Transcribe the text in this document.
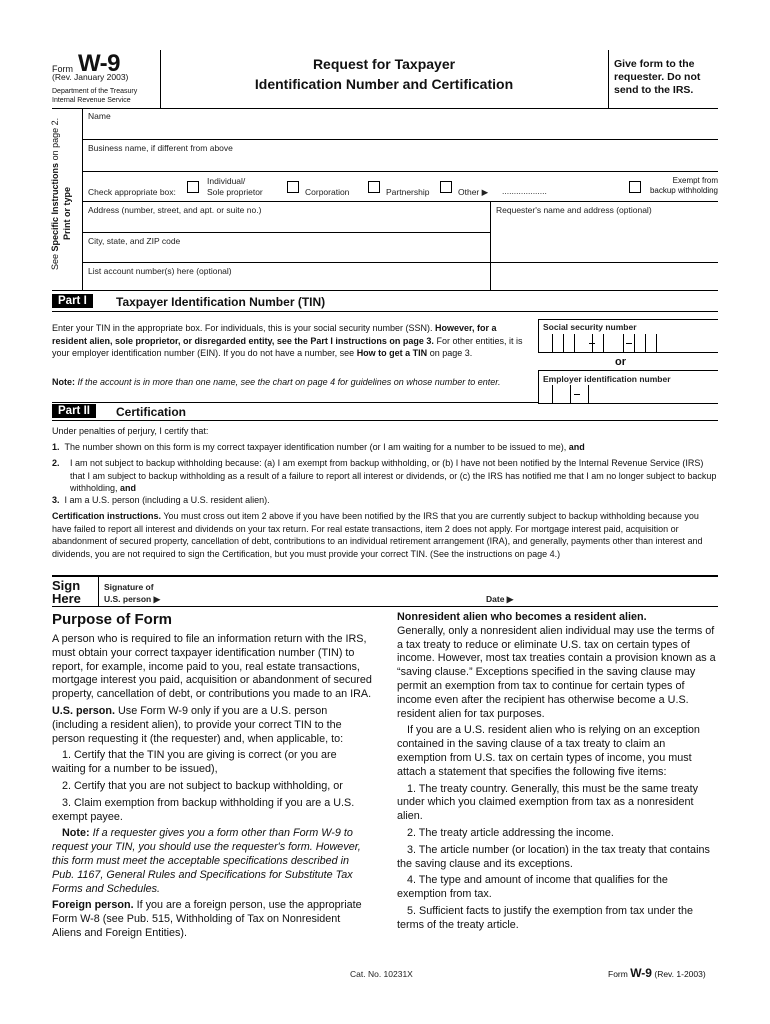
Form W-9
(Rev. January 2003)
Department of the Treasury
Internal Revenue Service
Request for Taxpayer
Identification Number and Certification
Give form to the requester. Do not send to the IRS.
See Specific Instructions on page 2.
Print or type
Name
Business name, if different from above
Check appropriate box:
Individual/
Sole proprietor	Corporation	Partnership	Other ▶ ...................
Exempt from backup withholding
Address (number, street, and apt. or suite no.)	Requester's name and address (optional)
City, state, and ZIP code
List account number(s) here (optional)
Part I	Taxpayer Identification Number (TIN)
Enter your TIN in the appropriate box. For individuals, this is your social security number (SSN). However, for a resident alien, sole proprietor, or disregarded entity, see the Part I instructions on page 3. For other entities, it is your employer identification number (EIN). If you do not have a number, see How to get a TIN on page 3.
Note: If the account is in more than one name, see the chart on page 4 for guidelines on whose number to enter.
Social security number
or
Employer identification number
Part II	Certification
Under penalties of perjury, I certify that:
1. The number shown on this form is my correct taxpayer identification number (or I am waiting for a number to be issued to me), and
2. I am not subject to backup withholding because: (a) I am exempt from backup withholding, or (b) I have not been notified by the Internal Revenue Service (IRS) that I am subject to backup withholding as a result of a failure to report all interest or dividends, or (c) the IRS has notified me that I am no longer subject to backup withholding, and
3. I am a U.S. person (including a U.S. resident alien).
Certification instructions. You must cross out item 2 above if you have been notified by the IRS that you are currently subject to backup withholding because you have failed to report all interest and dividends on your tax return. For real estate transactions, item 2 does not apply. For mortgage interest paid, acquisition or abandonment of secured property, cancellation of debt, contributions to an individual retirement arrangement (IRA), and generally, payments other than interest and dividends, you are not required to sign the Certification, but you must provide your correct TIN. (See the instructions on page 4.)
Sign
Here
Signature of
U.S. person ▶	Date ▶
Purpose of Form

A person who is required to file an information return with the IRS, must obtain your correct taxpayer identification number (TIN) to report, for example, income paid to you, real estate transactions, mortgage interest you paid, acquisition or abandonment of secured property, cancellation of debt, or contributions you made to an IRA.

U.S. person. Use Form W-9 only if you are a U.S. person (including a resident alien), to provide your correct TIN to the person requesting it (the requester) and, when applicable, to:

1. Certify that the TIN you are giving is correct (or you are waiting for a number to be issued),

2. Certify that you are not subject to backup withholding, or

3. Claim exemption from backup withholding if you are a U.S. exempt payee.

Note: If a requester gives you a form other than Form W-9 to request your TIN, you should use the requester's form. However, this form must meet the acceptable specifications described in Pub. 1167, General Rules and Specifications for Substitute Tax Forms and Schedules.

Foreign person. If you are a foreign person, use the appropriate Form W-8 (see Pub. 515, Withholding of Tax on Nonresident Aliens and Foreign Entities).

Nonresident alien who becomes a resident alien.

Generally, only a nonresident alien individual may use the terms of a tax treaty to reduce or eliminate U.S. tax on certain types of income. However, most tax treaties contain a provision known as a “saving clause.” Exceptions specified in the saving clause may permit an exemption from tax to continue for certain types of income even after the recipient has otherwise become a U.S. resident alien for tax purposes.

If you are a U.S. resident alien who is relying on an exception contained in the saving clause of a tax treaty to claim an exemption from U.S. tax on certain types of income, you must attach a statement that specifies the following five items:

1. The treaty country. Generally, this must be the same treaty under which you claimed exemption from tax as a nonresident alien.

2. The treaty article addressing the income.

3. The article number (or location) in the tax treaty that contains the saving clause and its exceptions.

4. The type and amount of income that qualifies for the exemption from tax.

5. Sufficient facts to justify the exemption from tax under the terms of the treaty article.

Cat. No. 10231X	Form W-9 (Rev. 1-2003)
